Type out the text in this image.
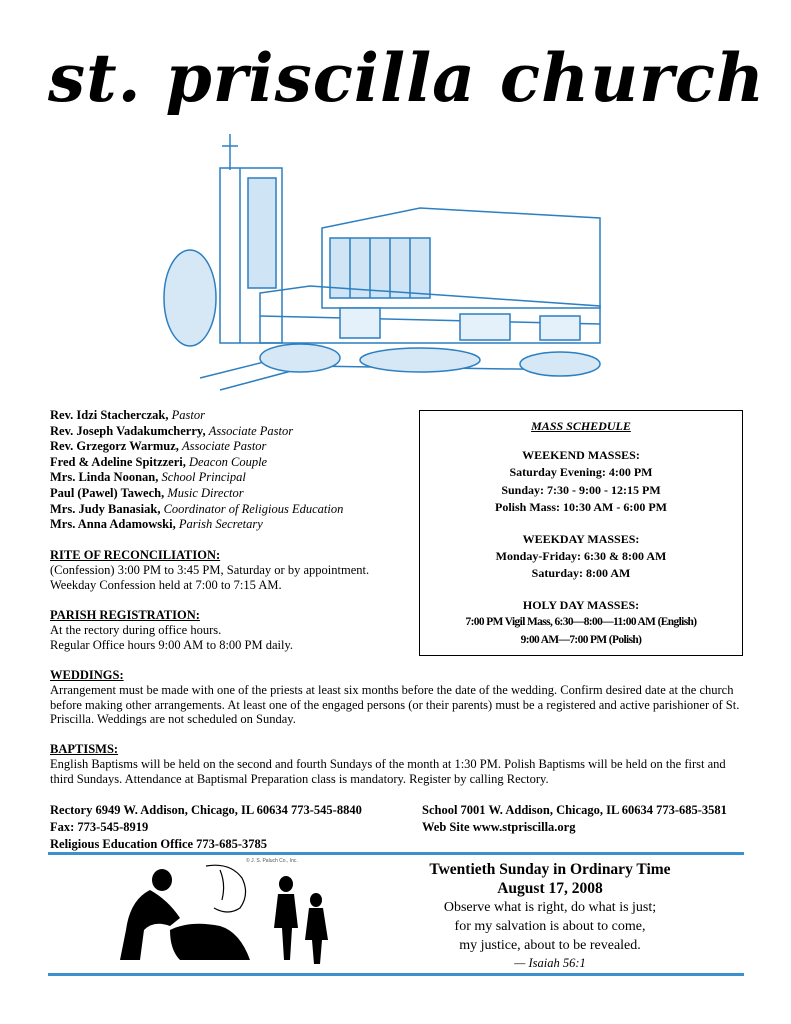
st. priscilla church
Rev. Idzi Stacherczak, Pastor
Rev. Joseph Vadakumcherry, Associate Pastor
Rev. Grzegorz Warmuz, Associate Pastor
Fred & Adeline Spitzzeri, Deacon Couple
Mrs. Linda Noonan, School Principal
Paul (Pawel) Tawech, Music Director
Mrs. Judy Banasiak, Coordinator of Religious Education
Mrs. Anna Adamowski, Parish Secretary
RITE OF RECONCILIATION:
(Confession) 3:00 PM to 3:45 PM, Saturday or by appointment.
Weekday Confession held at 7:00 to 7:15 AM.
PARISH REGISTRATION:
At the rectory during office hours.
Regular Office hours 9:00 AM to 8:00 PM daily.
MASS SCHEDULE
WEEKEND MASSES:
Saturday Evening: 4:00 PM
Sunday: 7:30 - 9:00 - 12:15 PM
Polish Mass: 10:30 AM - 6:00 PM
WEEKDAY MASSES:
Monday-Friday: 6:30 & 8:00 AM
Saturday: 8:00 AM
HOLY DAY MASSES:
7:00 PM Vigil Mass, 6:30—8:00—11:00 AM (English)
9:00 AM—7:00 PM (Polish)
WEDDINGS:
Arrangement must be made with one of the priests at least six months before the date of the wedding. Confirm desired date at the church before making other arrangements. At least one of the engaged persons (or their parents) must be a registered and active parishioner of St. Priscilla. Weddings are not scheduled on Sunday.
BAPTISMS:
English Baptisms will be held on the second and fourth Sundays of the month at 1:30 PM. Polish Baptisms will be held on the first and third Sundays. Attendance at Baptismal Preparation class is mandatory. Register by calling Rectory.
Rectory 6949 W. Addison, Chicago, IL 60634 773-545-8840
Fax: 773-545-8919
Religious Education Office 773-685-3785
School 7001 W. Addison, Chicago, IL 60634 773-685-3581
Web Site www.stpriscilla.org
© J. S. Paluch Co., Inc.	Twentieth Sunday in Ordinary Time
August 17, 2008
Observe what is right, do what is just;
for my salvation is about to come,
my justice, about to be revealed.
— Isaiah 56:1
